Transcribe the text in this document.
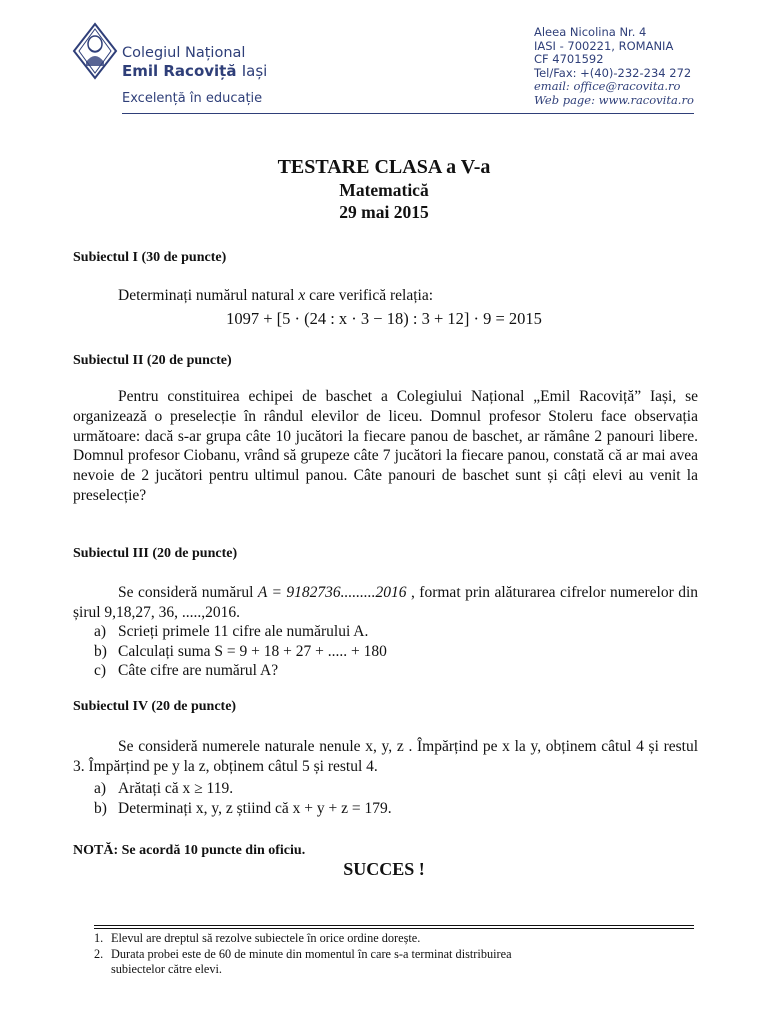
Colegiul Național
Emil Racoviță Iași
Excelență în educație
Aleea Nicolina Nr. 4
IASI - 700221, ROMANIA
CF 4701592
Tel/Fax: +(40)-232-234 272
email: office@racovita.ro
Web page: www.racovita.ro
TESTARE CLASA a V-a
Matematică
29 mai 2015
Subiectul I (30 de puncte)
Determinați numărul natural x care verifică relația:
1097 + [5 · (24 : x · 3 − 18) : 3 + 12] · 9 = 2015
Subiectul II (20 de puncte)
Pentru constituirea echipei de baschet a Colegiului Național „Emil Racoviță” Iași, se organizează o preselecție în rândul elevilor de liceu. Domnul profesor Stoleru face observația următoare: dacă s-ar grupa câte 10 jucători la fiecare panou de baschet, ar rămâne 2 panouri libere. Domnul profesor Ciobanu, vrând să grupeze câte 7 jucători la fiecare panou, constată că ar mai avea nevoie de 2 jucători pentru ultimul panou. Câte panouri de baschet sunt și câți elevi au venit la preselecție?
Subiectul III (20 de puncte)
Se consideră numărul A = 9182736.........2016 , format prin alăturarea cifrelor numerelor din șirul 9,18,27, 36, .....,2016.
a) Scrieți primele 11 cifre ale numărului A.
b) Calculați suma S = 9 + 18 + 27 + ..... + 180
c) Câte cifre are numărul A?
Subiectul IV (20 de puncte)
Se consideră numerele naturale nenule x, y, z . Împărțind pe x la y, obținem câtul 4 și restul 3. Împărțind pe y la z, obținem câtul 5 și restul 4.
a) Arătați că x ≥ 119.
b) Determinați x, y, z știind că x + y + z = 179.
NOTĂ: Se acordă 10 puncte din oficiu.
SUCCES !
1. Elevul are dreptul să rezolve subiectele în orice ordine dorește.
2. Durata probei este de 60 de minute din momentul în care s-a terminat distribuirea
subiectelor către elevi.
